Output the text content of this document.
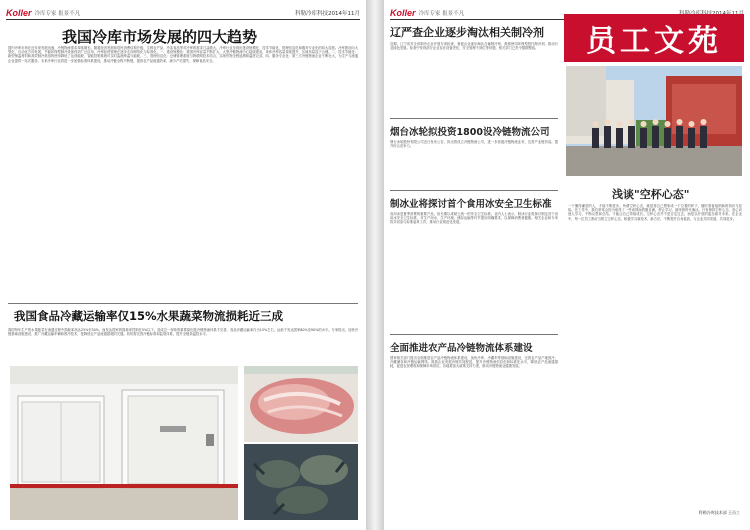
Koller 冷库专家 报景不凡	科勒冷库科技2014年11月
我国冷库市场发展的四大趋势
国内冷库市场在近年来发展迅速，冷链物流需求持续增长。随着经济发展和居民消费结构升级，生鲜农产品、冷冻食品等对冷库的需求日益增大，冷库行业呈现出建设规模化、技术节能化、管理信息化和服务专业化的四大趋势。冷库建设向大型化、自动化方向发展，节能环保型制冷设备得到广泛应用，冷库经营管理正逐步走向网络化与标准化。一、建设规模化：我国冷库容量不断扩大，大型冷链物流中心陆续建成，单体冷库容量持续提升，区域布局趋于合理。二、技术节能化：新型保温材料和高效制冷机组的使用降低了运营能耗，智能控制系统可实时监测库温与能耗。三、管理信息化：仓储管理系统与物联网技术结合，实现货物全程追溯和温度记录。四、服务专业化：第三方冷链物流企业不断壮大，为生产与流通企业提供一站式服务。未来冷库行业将进一步加强标准体系建设，推动冷链全程不断链，提高农产品流通效率，减少产后损失，保障食品安全。
我国食品冷藏运输率仅15%水果蔬菜物流损耗近三成
我国每年生产的水果蔬菜在流通过程中损耗率高达25%至30%，而发达国家的损耗率控制在5%以下。造成这一现象的重要原因是冷链物流体系不完善，食品冷藏运输率仅为15%左右，远低于发达国家80%至90%的水平。专家指出，加快冷链基础设施建设、推广冷藏运输车辆和预冷技术，是降低农产品流通损耗的关键。同时需完善冷链标准和监管体系，提升全链条温控水平。
Koller 冷库专家 报景不凡
员工文苑
辽严查企业逐步淘汰相关制冷剂
近期，辽宁省对全省制冷企业开展专项检查，督促企业逐步淘汰含氟制冷剂，鼓励使用环保型替代制冷剂，推动行业绿色发展。检查中发现部分企业存在设备老化、安全管理不到位等问题，相关部门已责令限期整改。
烟台冰轮拟投资1800设冷链物流公司
烟台冰轮股份有限公司近日发布公告，拟出资设立冷链物流公司，进一步拓展冷链物流业务，完善产业链布局，提升综合竞争力。
制冰业将探讨首个食用冰安全卫生标准
食用冰是夏季消费的重要产品，但长期以来缺乏统一的安全卫生标准。业内人士表示，制冰行业将探讨制定首个食用冰安全卫生标准，对生产用水、生产环境、储存运输等环节提出明确要求，以保障消费者健康。相关企业和专家将共同参与标准起草工作，推动行业规范化发展。
全面推进农产品冷链物流体系建设
国家相关部门提出全面推进农产品冷链物流体系建设，加快冷库、冷藏车等基础设施建设，完善农产品产地预冷、冷藏储存和冷链运输网络。鼓励企业发展冷链共同配送，提升冷链物流信息化和标准化水平，降低农产品流通损耗，促进农民增收和保障市场供应。各地要加大政策支持力度，推动冷链物流业健康发展。
浅谈"空杯心态"
一个懂得谦虚的人，才能不断进步。所谓空杯心态，就是将自己想象成一个空着的杯子，随时准备接纳新的知识与经验。在工作中，我们常常会因为取得了一些成绩而骄傲自满，停止学习，最终被时代淘汰。只有保持空杯心态，虚心向他人学习，不断反思和总结，才能让自己持续成长。空杯心态并不是否定过去，而是以开放的姿态面对未来。在企业中，每一位员工都应当树立空杯心态，积极学习新技术、新方法，不断提升自身素质，与企业共同发展，共同进步。
科勒冷库技术部 王员工
